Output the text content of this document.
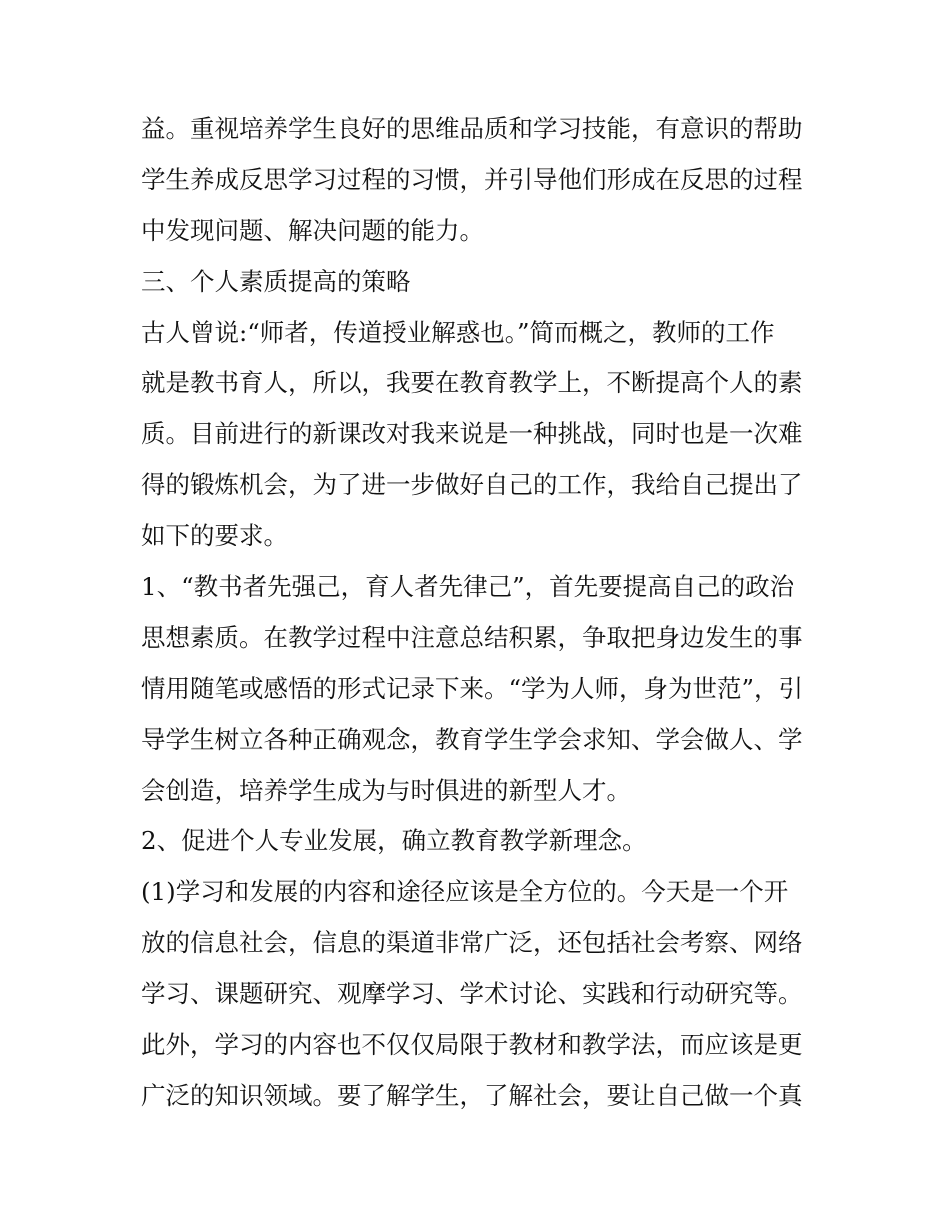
益。重视培养学生良好的思维品质和学习技能，有意识的帮助
学生养成反思学习过程的习惯，并引导他们形成在反思的过程
中发现问题、解决问题的能力。
三、个人素质提高的策略
古人曾说:“师者，传道授业解惑也。”简而概之，教师的工作
就是教书育人，所以，我要在教育教学上，不断提高个人的素
质。目前进行的新课改对我来说是一种挑战，同时也是一次难
得的锻炼机会，为了进一步做好自己的工作，我给自己提出了
如下的要求。
1、“教书者先强己，育人者先律己”，首先要提高自己的政治
思想素质。在教学过程中注意总结积累，争取把身边发生的事
情用随笔或感悟的形式记录下来。“学为人师，身为世范”，引
导学生树立各种正确观念，教育学生学会求知、学会做人、学
会创造，培养学生成为与时俱进的新型人才。
2、促进个人专业发展，确立教育教学新理念。
(1)学习和发展的内容和途径应该是全方位的。今天是一个开
放的信息社会，信息的渠道非常广泛，还包括社会考察、网络
学习、课题研究、观摩学习、学术讨论、实践和行动研究等。
此外，学习的内容也不仅仅局限于教材和教学法，而应该是更
广泛的知识领域。要了解学生，了解社会，要让自己做一个真
